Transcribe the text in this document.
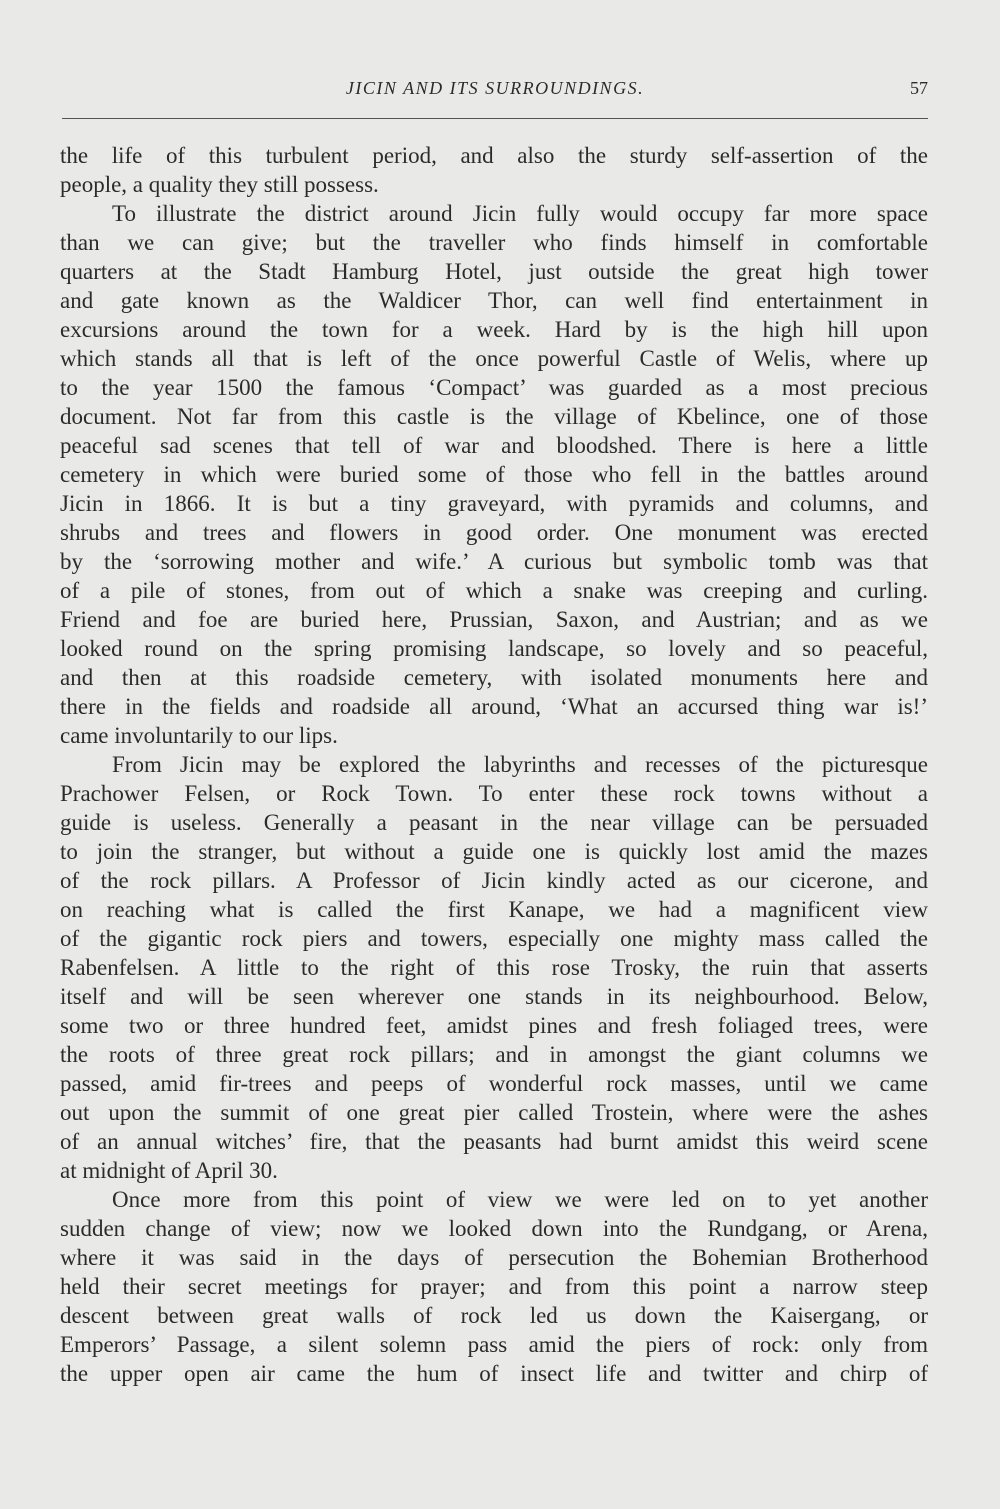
JICIN AND ITS SURROUNDINGS.	57
the life of this turbulent period, and also the sturdy self-assertion of the
people, a quality they still possess.
To illustrate the district around Jicin fully would occupy far more space
than we can give; but the traveller who finds himself in comfortable
quarters at the Stadt Hamburg Hotel, just outside the great high tower
and gate known as the Waldicer Thor, can well find entertainment in
excursions around the town for a week. Hard by is the high hill upon
which stands all that is left of the once powerful Castle of Welis, where up
to the year 1500 the famous ‘Compact’ was guarded as a most precious
document. Not far from this castle is the village of Kbelince, one of those
peaceful sad scenes that tell of war and bloodshed. There is here a little
cemetery in which were buried some of those who fell in the battles around
Jicin in 1866. It is but a tiny graveyard, with pyramids and columns, and
shrubs and trees and flowers in good order. One monument was erected
by the ‘sorrowing mother and wife.’ A curious but symbolic tomb was that
of a pile of stones, from out of which a snake was creeping and curling.
Friend and foe are buried here, Prussian, Saxon, and Austrian; and as we
looked round on the spring promising landscape, so lovely and so peaceful,
and then at this roadside cemetery, with isolated monuments here and
there in the fields and roadside all around, ‘What an accursed thing war is!’
came involuntarily to our lips.
From Jicin may be explored the labyrinths and recesses of the picturesque
Prachower Felsen, or Rock Town. To enter these rock towns without a
guide is useless. Generally a peasant in the near village can be persuaded
to join the stranger, but without a guide one is quickly lost amid the mazes
of the rock pillars. A Professor of Jicin kindly acted as our cicerone, and
on reaching what is called the first Kanape, we had a magnificent view
of the gigantic rock piers and towers, especially one mighty mass called the
Rabenfelsen. A little to the right of this rose Trosky, the ruin that asserts
itself and will be seen wherever one stands in its neighbourhood. Below,
some two or three hundred feet, amidst pines and fresh foliaged trees, were
the roots of three great rock pillars; and in amongst the giant columns we
passed, amid fir-trees and peeps of wonderful rock masses, until we came
out upon the summit of one great pier called Trostein, where were the ashes
of an annual witches’ fire, that the peasants had burnt amidst this weird scene
at midnight of April 30.
Once more from this point of view we were led on to yet another
sudden change of view; now we looked down into the Rundgang, or Arena,
where it was said in the days of persecution the Bohemian Brotherhood
held their secret meetings for prayer; and from this point a narrow steep
descent between great walls of rock led us down the Kaisergang, or
Emperors’ Passage, a silent solemn pass amid the piers of rock: only from
the upper open air came the hum of insect life and twitter and chirp of
